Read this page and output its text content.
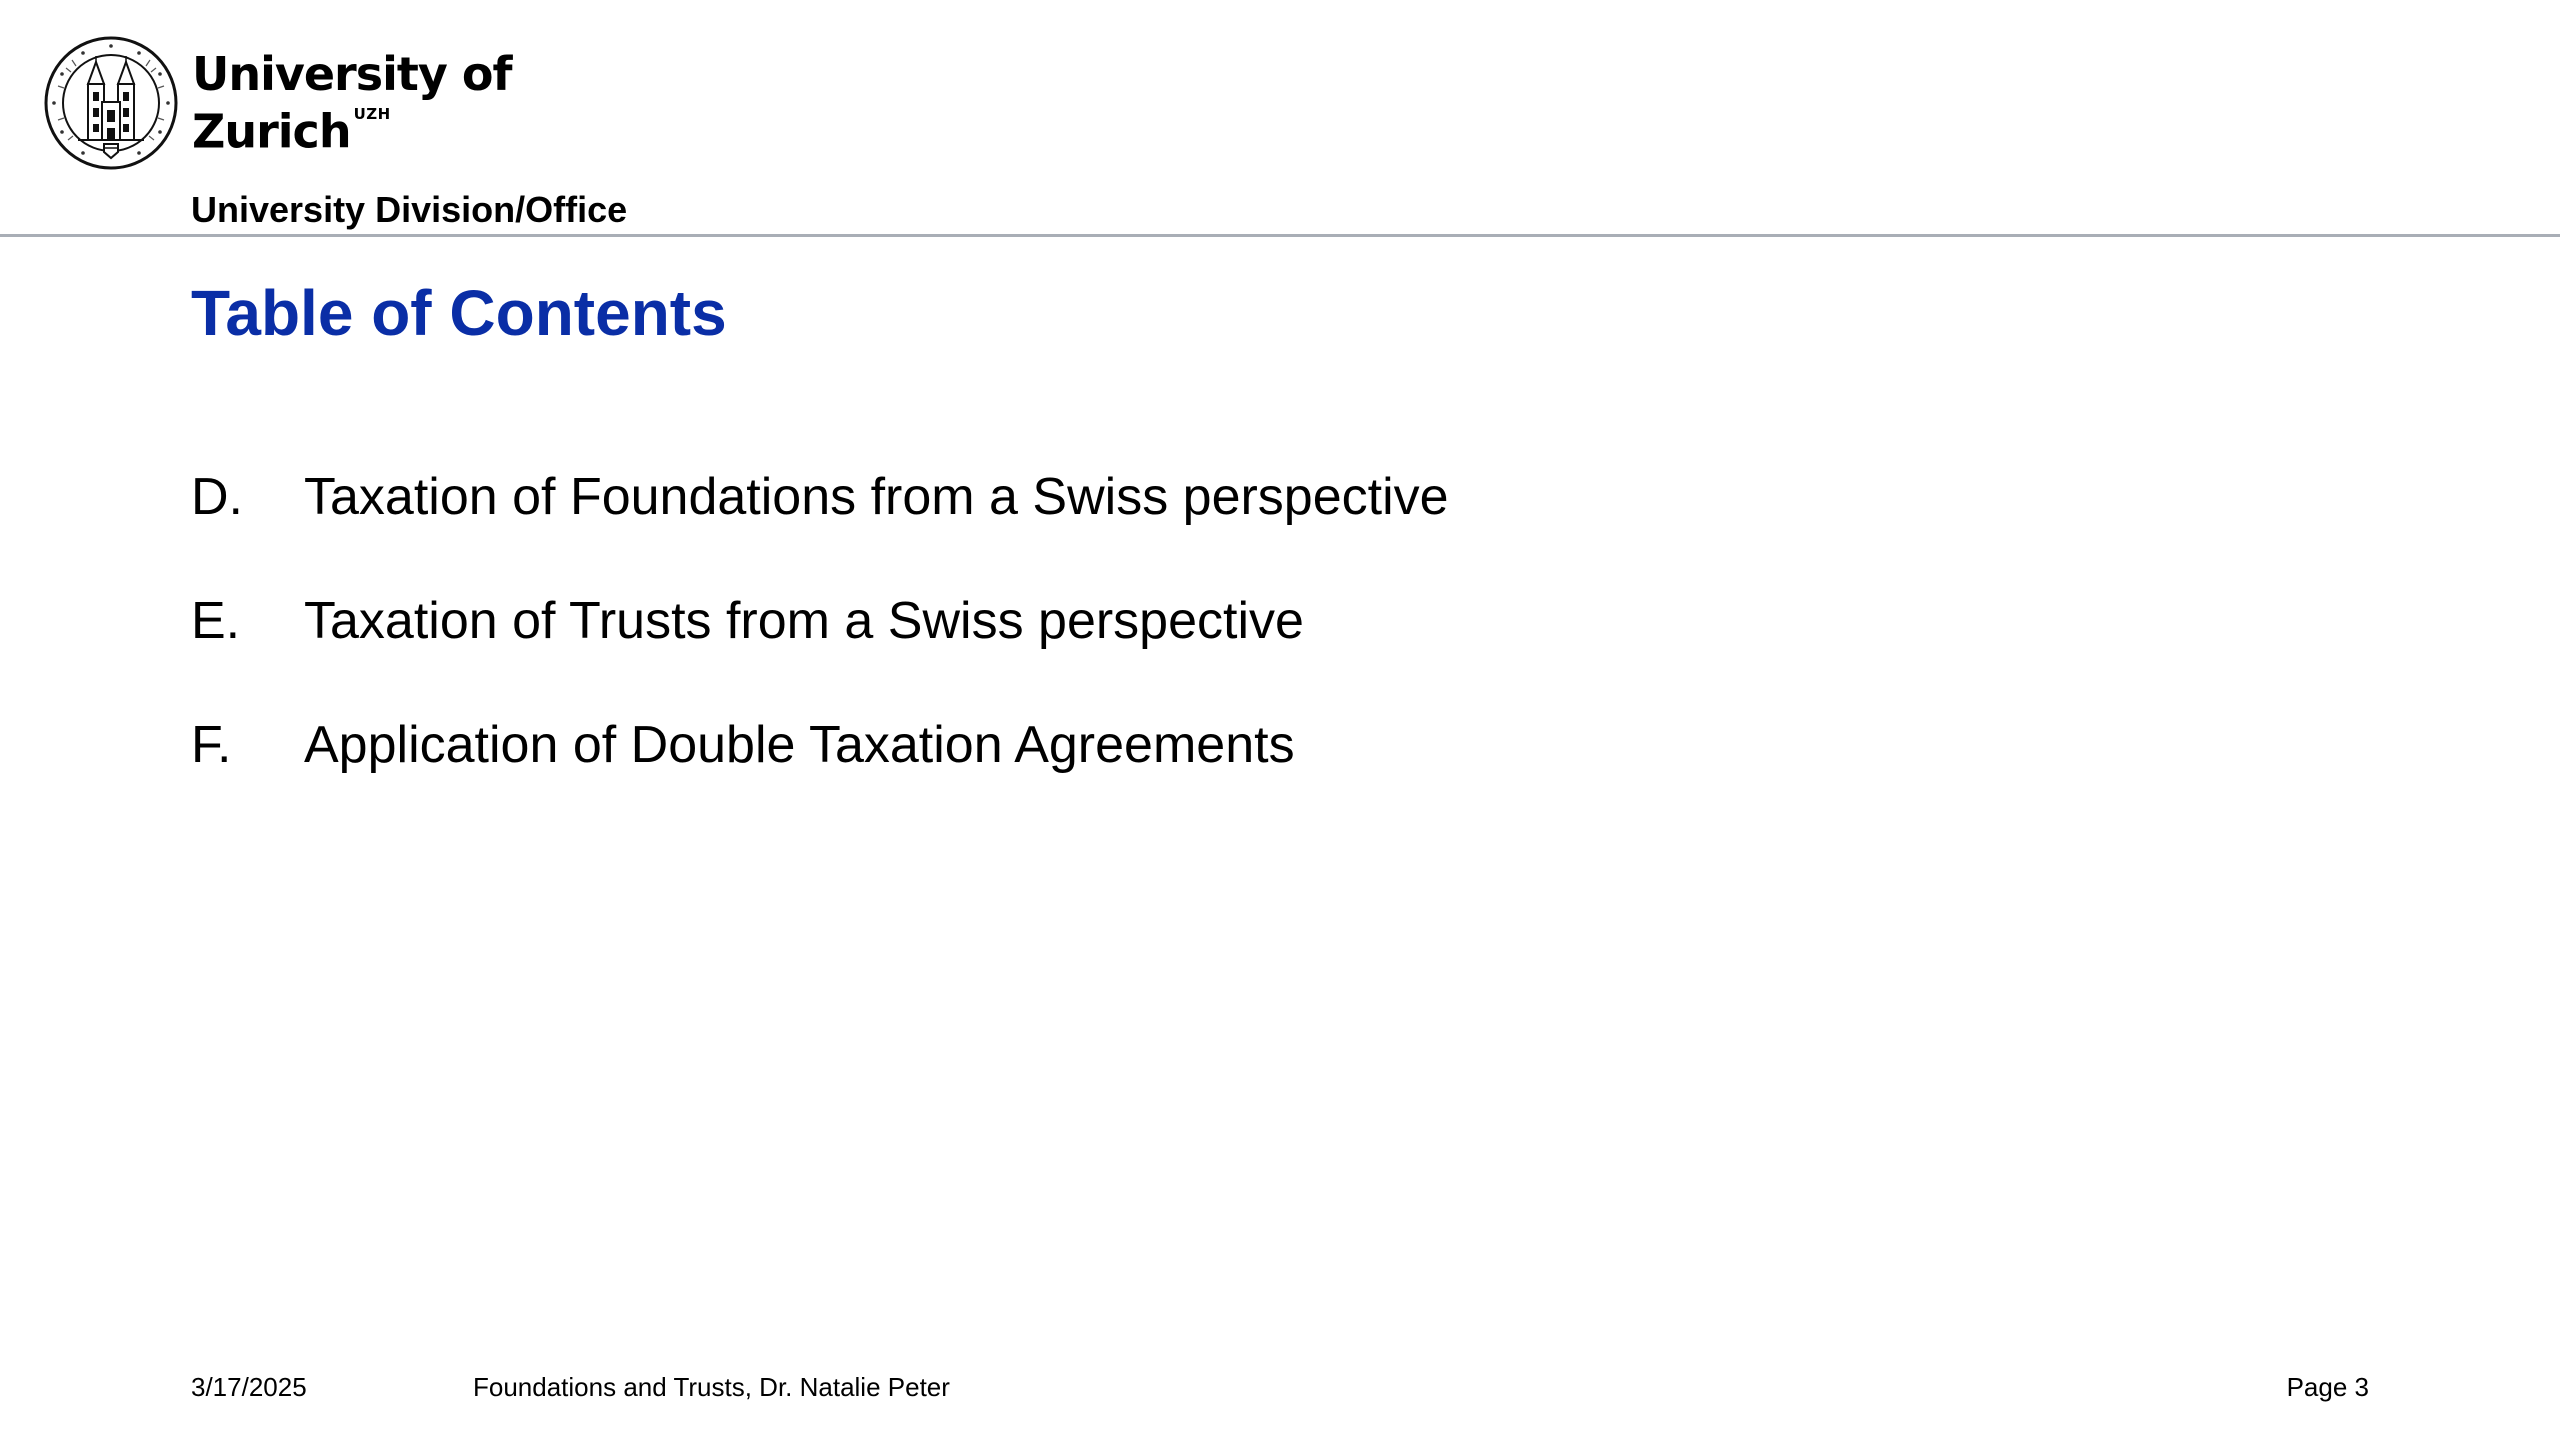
University of
Zurich $^{UZH}$
University Division/Office
Table of Contents
D.	Taxation of Foundations from a Swiss perspective
E.	Taxation of Trusts from a Swiss perspective
F.	Application of Double Taxation Agreements
3/17/2025	Foundations and Trusts, Dr. Natalie Peter	Page 3
